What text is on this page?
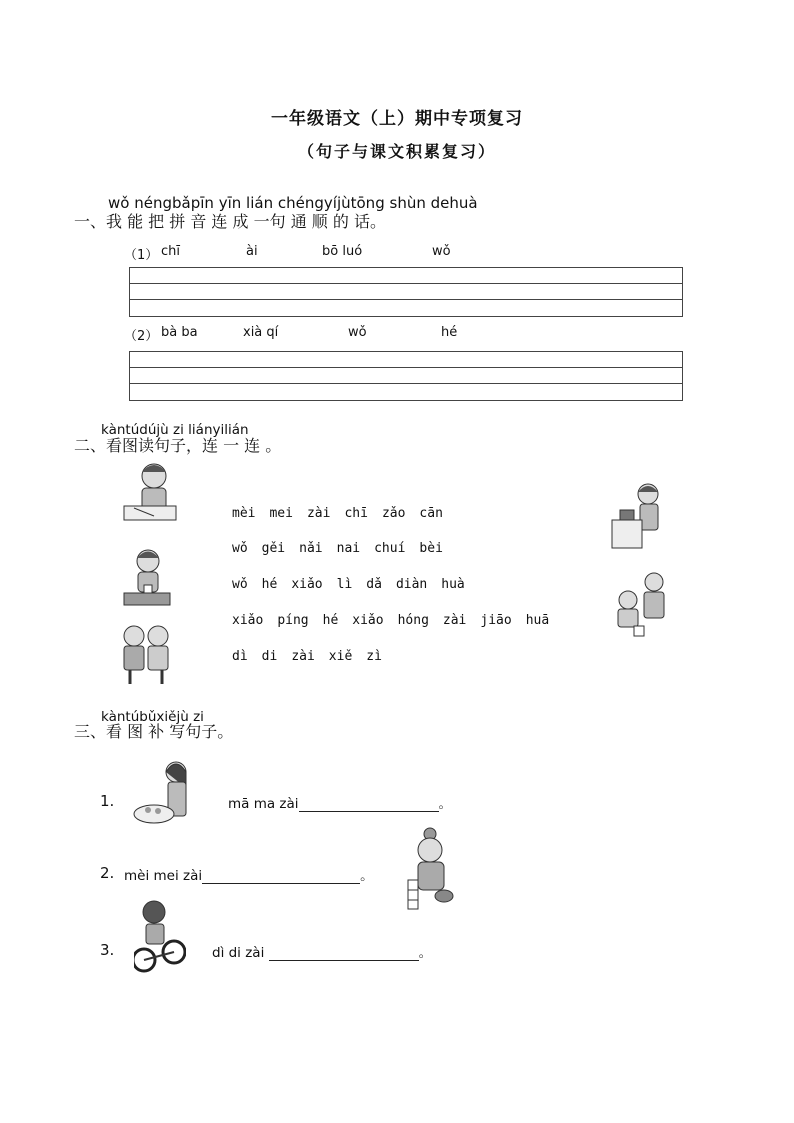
一年级语文（上）期中专项复习
（句子与课文积累复习）
wǒ néngbǎpīn yīn lián chéngyíjùtōng shùn dehuà
一、我 能 把 拼 音 连 成 一句 通 顺 的 话。
（1） chī	ài	bō luó	wǒ
（2） bà ba	xià qí	wǒ	hé
kàntúdújù zi liányilián
二、看图读句子，连 一 连 。
mèi mei zài chī zǎo cān
wǒ gěi nǎi nai chuí bèi
wǒ hé xiǎo lì dǎ diàn huà
xiǎo píng hé xiǎo hóng zài jiāo huā
dì di zài xiě zì
kàntúbǔxiějù zi
三、看 图 补 写句子。
1.	mā ma zài	。
2. mèi mei zài	。
3.	dì di zài	。
